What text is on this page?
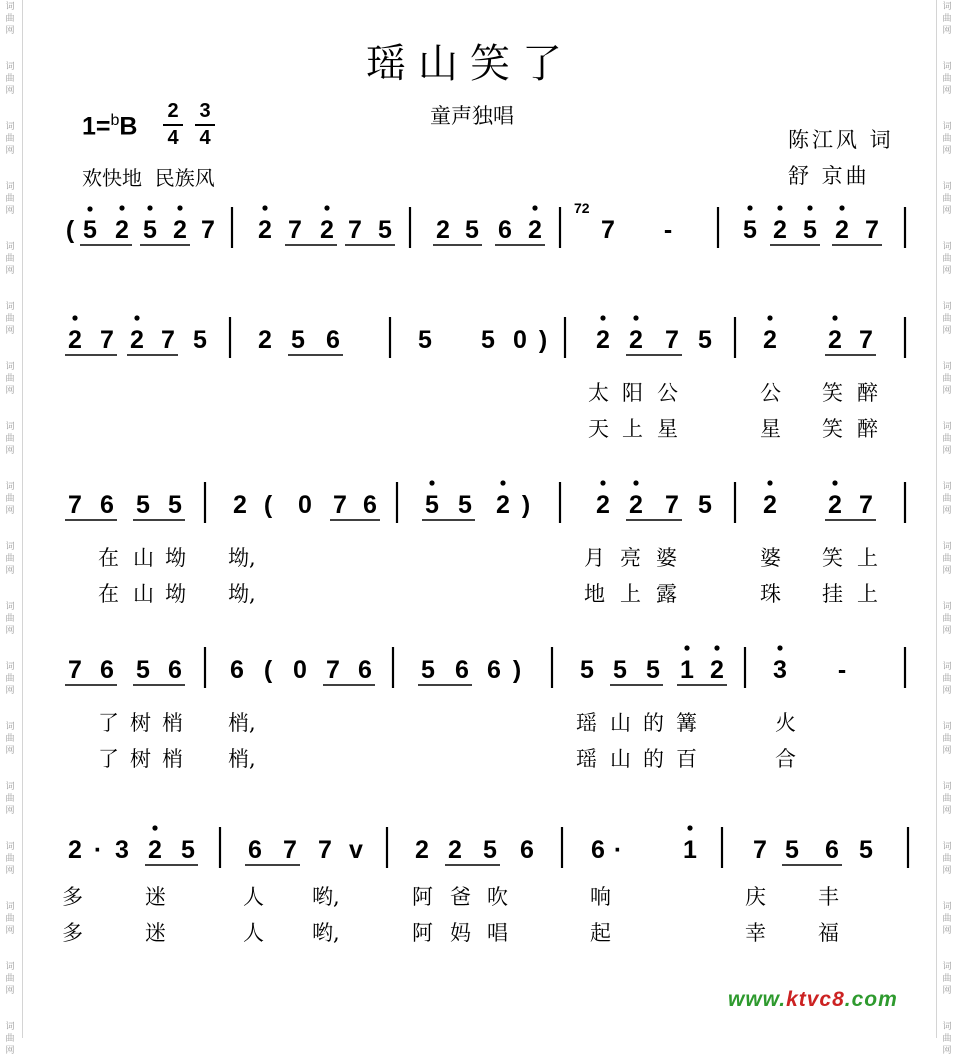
词
曲
网
词
曲
网
词
曲
网
词
曲
网
词
曲
网
词
曲
网
词
曲
网
词
曲
网
词
曲
网
词
曲
网
词
曲
网
词
曲
网
词
曲
网
词
曲
网
词
曲
网
词
曲
网
词
曲
网
词
曲
网
词
曲
网
词
曲
网
词
曲
网
词
曲
网
词
曲
网
词
曲
网
词
曲
网
词
曲
网
词
曲
网
词
曲
网
词
曲
网
词
曲
网
词
曲
网
词
曲
网
词
曲
网
词
曲
网
词
曲
网
词
曲
网
瑶山笑了
童声独唱
1=$^b$B
2
4
3
4
欢快地  民族风
陈江风 词
舒 京曲
( 5 2 5 2 7 2 7 2 7 5 2 5 6 2 7 -	5 2 5 2 7
2 7 2 7 5 2 5 6	5 5 0 ) 2 2 7 5 2 2 7
太 阳 公	公 笑 醉
天 上 星	星 笑 醉
7 6 5 5 2 ( 0 7 6 5 5 2 )	2 2 7 5 2 2 7
在 山 坳 坳,	月 亮 婆	婆 笑 上
在 山 坳 坳,	地 上 露	珠 挂 上
7 6 5 6 6 ( 0 7 6 5 6 6 ) 5 5 5 1 2 3 -
了 树 梢 梢,	瑶 山 的 篝	火
了 树 梢 梢,	瑶 山 的 百	合
2 · 3 2 5 6 7 7 v 2 2 5 6 6 · 1 7 5 6 5
多	迷	人 哟,	阿 爸 吹	响	庆 丰
多	迷	人 哟,	阿 妈 唱	起	幸 福
72
www.ktvc8.com
